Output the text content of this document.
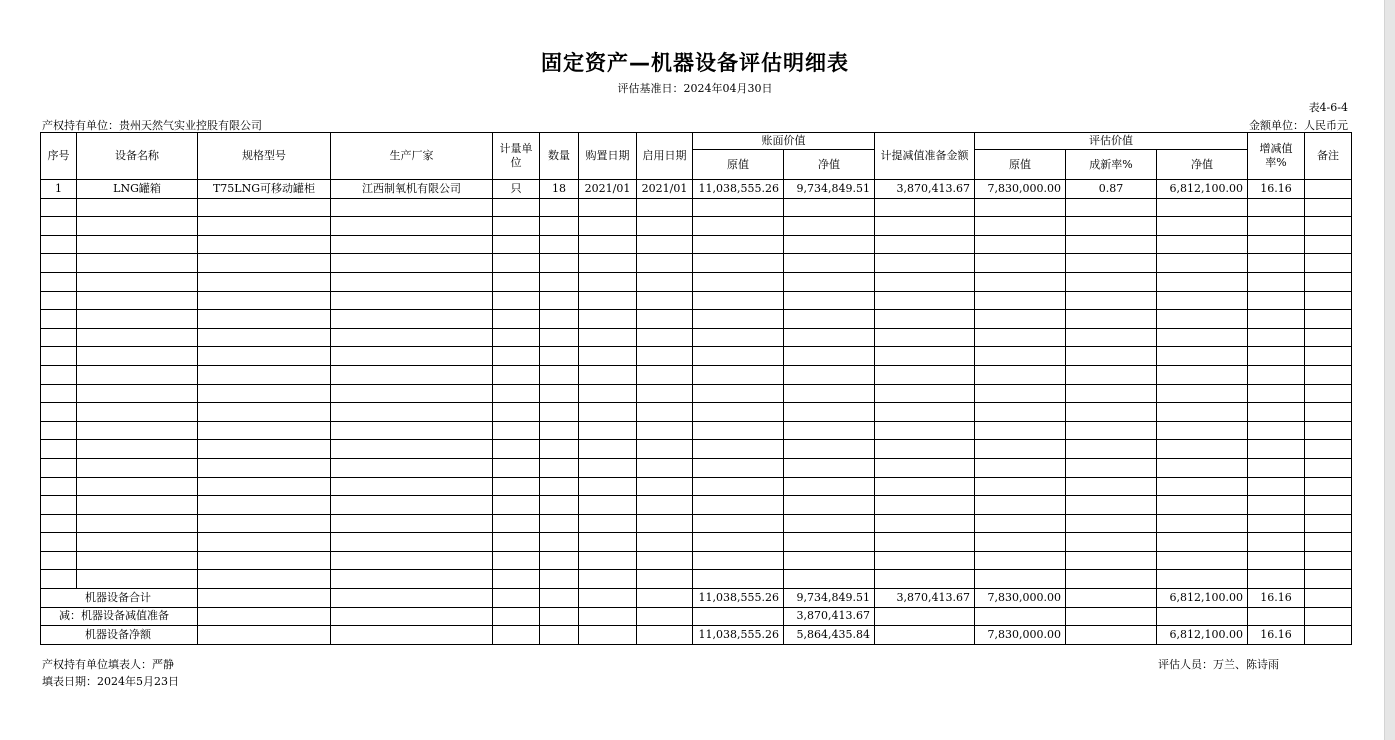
固定资产—机器设备评估明细表
评估基准日：2024年04月30日
表4-6-4
产权持有单位：贵州天然气实业控股有限公司	金额单位：人民币元
序号	设备名称	规格型号	生产厂家	计量单位	数量	购置日期	启用日期	账面价值		计提减值准备金额	评估价值			增减值率%	备注
								原值	净值		原值	成新率%	净值		
1	LNG罐箱	T75LNG可移动罐柜	江西制氧机有限公司	只	18	2021/01	2021/01	11,038,555.26	9,734,849.51	3,870,413.67	7,830,000.00	0.87	6,812,100.00	16.16	

机器设备合计								11,038,555.26	9,734,849.51	3,870,413.67	7,830,000.00		6,812,100.00	16.16	
减：机器设备减值准备									3,870,413.67						
机器设备净额								11,038,555.26	5,864,435.84		7,830,000.00		6,812,100.00	16.16	
产权持有单位填表人：严静
填表日期：2024年5月23日
评估人员：万兰、陈诗雨
